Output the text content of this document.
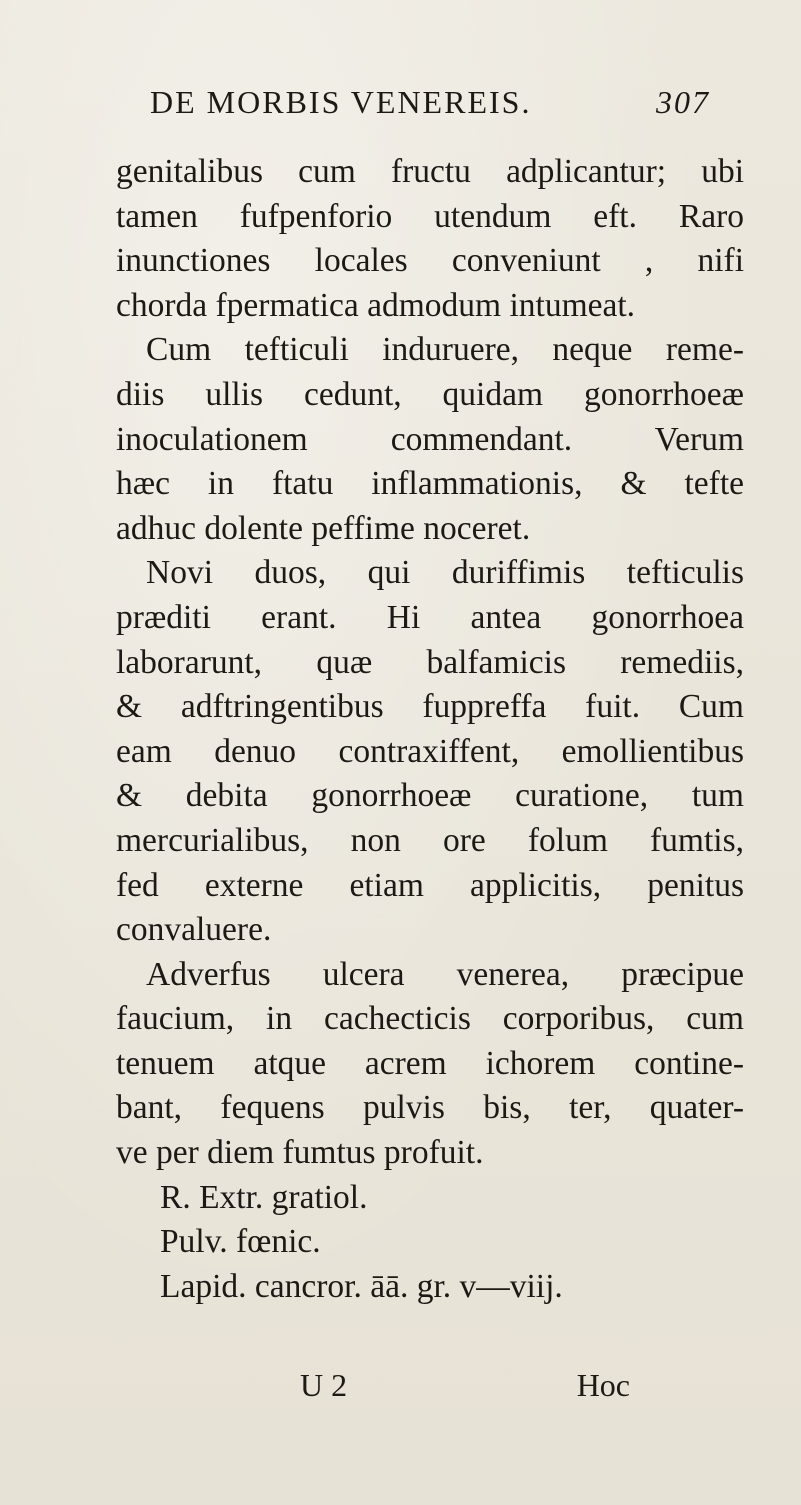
DE MORBIS VENEREIS.	307
genitalibus cum fructu adplicantur; ubi
tamen fufpenforio utendum eft. Raro
inunctiones locales conveniunt , nifi
chorda fpermatica admodum intumeat.
Cum tefticuli induruere, neque reme-
diis ullis cedunt, quidam gonorrhoeæ
inoculationem commendant. Verum
hæc in ftatu inflammationis, & tefte
adhuc dolente peffime noceret.
Novi duos, qui duriffimis tefticulis
præditi erant. Hi antea gonorrhoea
laborarunt, quæ balfamicis remediis,
& adftringentibus fuppreffa fuit. Cum
eam denuo contraxiffent, emollientibus
& debita gonorrhoeæ curatione, tum
mercurialibus, non ore folum fumtis,
fed externe etiam applicitis, penitus
convaluere.
Adverfus ulcera venerea, præcipue
faucium, in cachecticis corporibus, cum
tenuem atque acrem ichorem contine-
bant, fequens pulvis bis, ter, quater-
ve per diem fumtus profuit.
R. Extr. gratiol.
Pulv. fœnic.
Lapid. cancror. āā. gr. v—viij.
U 2	Hoc
